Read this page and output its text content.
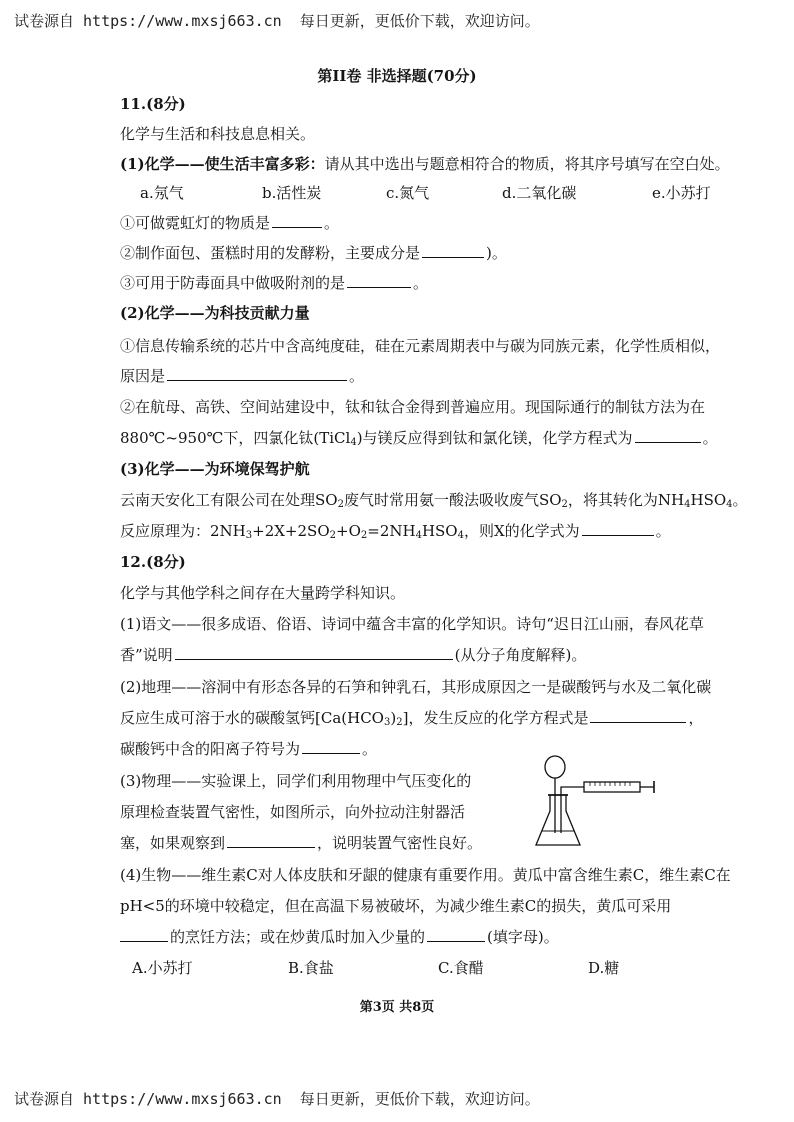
试卷源自 https://www.mxsj663.cn  每日更新，更低价下载，欢迎访问。
第II卷 非选择题(70分)
11.(8分)
化学与生活和科技息息相关。
(1)化学——使生活丰富多彩：请从其中选出与题意相符合的物质，将其序号填写在空白处。
a.氖气	b.活性炭	c.氮气	d.二氧化碳	e.小苏打
①可做霓虹灯的物质是	。
②制作面包、蛋糕时用的发酵粉，主要成分是	)。
③可用于防毒面具中做吸附剂的是	。
(2)化学——为科技贡献力量
①信息传输系统的芯片中含高纯度硅，硅在元素周期表中与碳为同族元素，化学性质相似，
原因是	。
②在航母、高铁、空间站建设中，钛和钛合金得到普遍应用。现国际通行的制钛方法为在
880℃~950℃下，四氯化钛(TiCl$_4$)与镁反应得到钛和氯化镁，化学方程式为	。
(3)化学——为环境保驾护航
云南天安化工有限公司在处理$SO_2$废气时常用氨一酸法吸收废气$SO_2$，将其转化为$NH_4HSO_4$。
反应原理为：$2NH_3+2X+2SO_2+O_2=2NH_4HSO_4$，则X的化学式为	。
12.(8分)
化学与其他学科之间存在大量跨学科知识。
(1)语文——很多成语、俗语、诗词中蕴含丰富的化学知识。诗句“迟日江山丽，春风花草
香”说明	(从分子角度解释)。
(2)地理——溶洞中有形态各异的石笋和钟乳石，其形成原因之一是碳酸钙与水及二氧化碳
反应生成可溶于水的碳酸氢钙$[Ca(HCO_3)_2]$，发生反应的化学方程式是	，
碳酸钙中含的阳离子符号为	。
(3)物理——实验课上，同学们利用物理中气压变化的
原理检查装置气密性，如图所示，向外拉动注射器活
塞，如果观察到	，说明装置气密性良好。
(4)生物——维生素C对人体皮肤和牙龈的健康有重要作用。黄瓜中富含维生素C，维生素C在
pH<5的环境中较稳定，但在高温下易被破坏，为减少维生素C的损失，黄瓜可采用
的烹饪方法；或在炒黄瓜时加入少量的	(填字母)。
A.小苏打	B.食盐	C.食醋	D.糖
第3页 共8页
试卷源自 https://www.mxsj663.cn  每日更新，更低价下载，欢迎访问。
